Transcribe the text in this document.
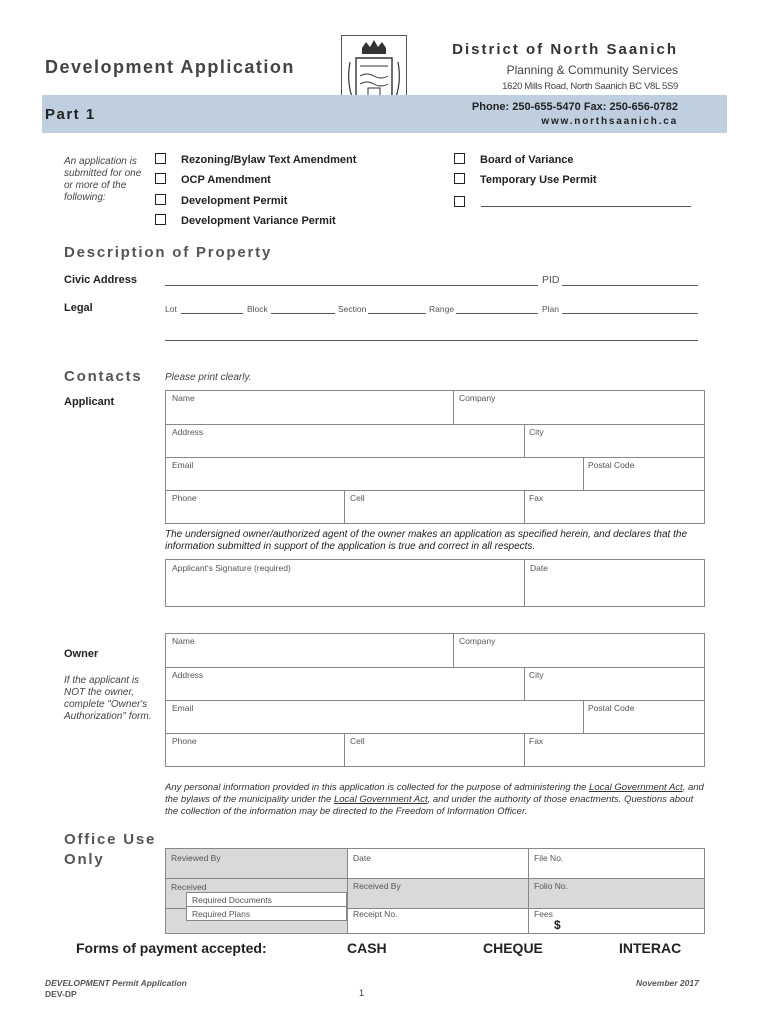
Development Application
District of North Saanich
Planning & Community Services
1620 Mills Road, North Saanich BC V8L 5S9
Part 1	Phone: 250-655-5470 Fax: 250-656-0782
www.northsaanich.ca
An application is submitted for one or more of the following:
Rezoning/Bylaw Text Amendment
OCP Amendment
Development Permit
Development Variance Permit
Board of Variance
Temporary Use Permit
Description of Property
Civic Address	PID
Legal	Lot	Block	Section	Range	Plan
Contacts Please print clearly.
Applicant	Name	Company
Address	City
Email	Postal Code
Phone	Cell	Fax
The undersigned owner/authorized agent of the owner makes an application as specified herein, and declares that the information submitted in support of the application is true and correct in all respects.
Applicant's Signature (required)	Date
Owner
If the applicant is NOT the owner, complete "Owner's Authorization" form.
Name	Company
Address	City
Email	Postal Code
Phone	Cell	Fax
Any personal information provided in this application is collected for the purpose of administering the Local Government Act, and the bylaws of the municipality under the Local Government Act, and under the authority of those enactments. Questions about the collection of the information may be directed to the Freedom of Information Officer.
Office Use
Only	Reviewed By	Date	File No.
Received	Received By	Folio No.
Required Documents
Required Plans	Receipt No.	Fees
$
Forms of payment accepted:	CASH	CHEQUE	INTERAC
DEVELOPMENT Permit Application
DEV-DP	1
November 2017
